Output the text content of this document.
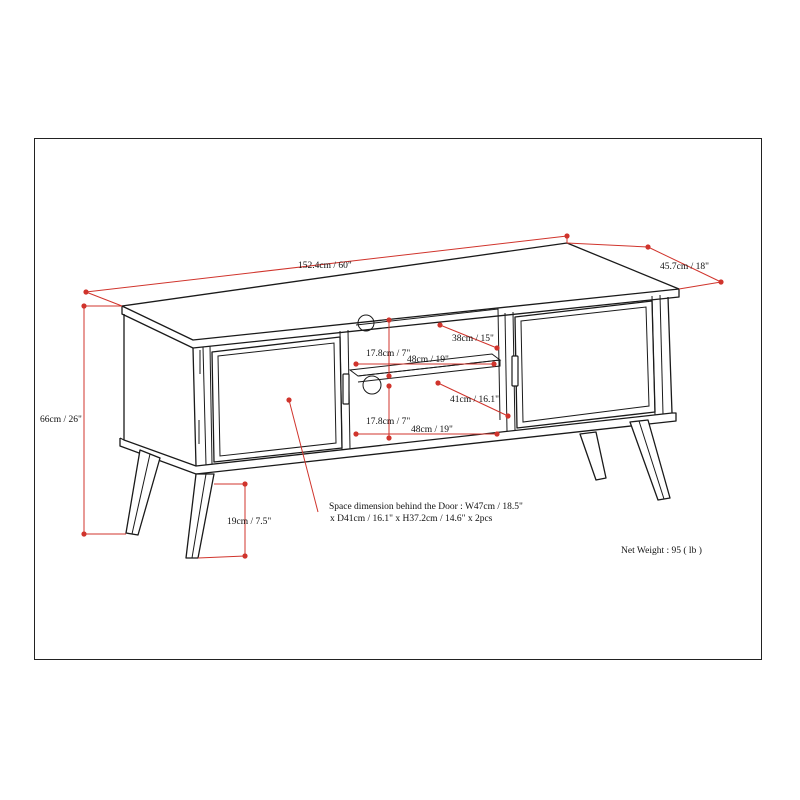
152.4cm / 60"	45.7cm / 18"
66cm / 26"
19cm / 7.5"
38cm / 15"
17.8cm / 7"
48cm / 19"
41cm / 16.1"
17.8cm / 7"
48cm / 19"
Space dimension behind the Door : W47cm / 18.5"
x D41cm / 16.1" x H37.2cm / 14.6" x 2pcs
Net Weight : 95 ( lb )
